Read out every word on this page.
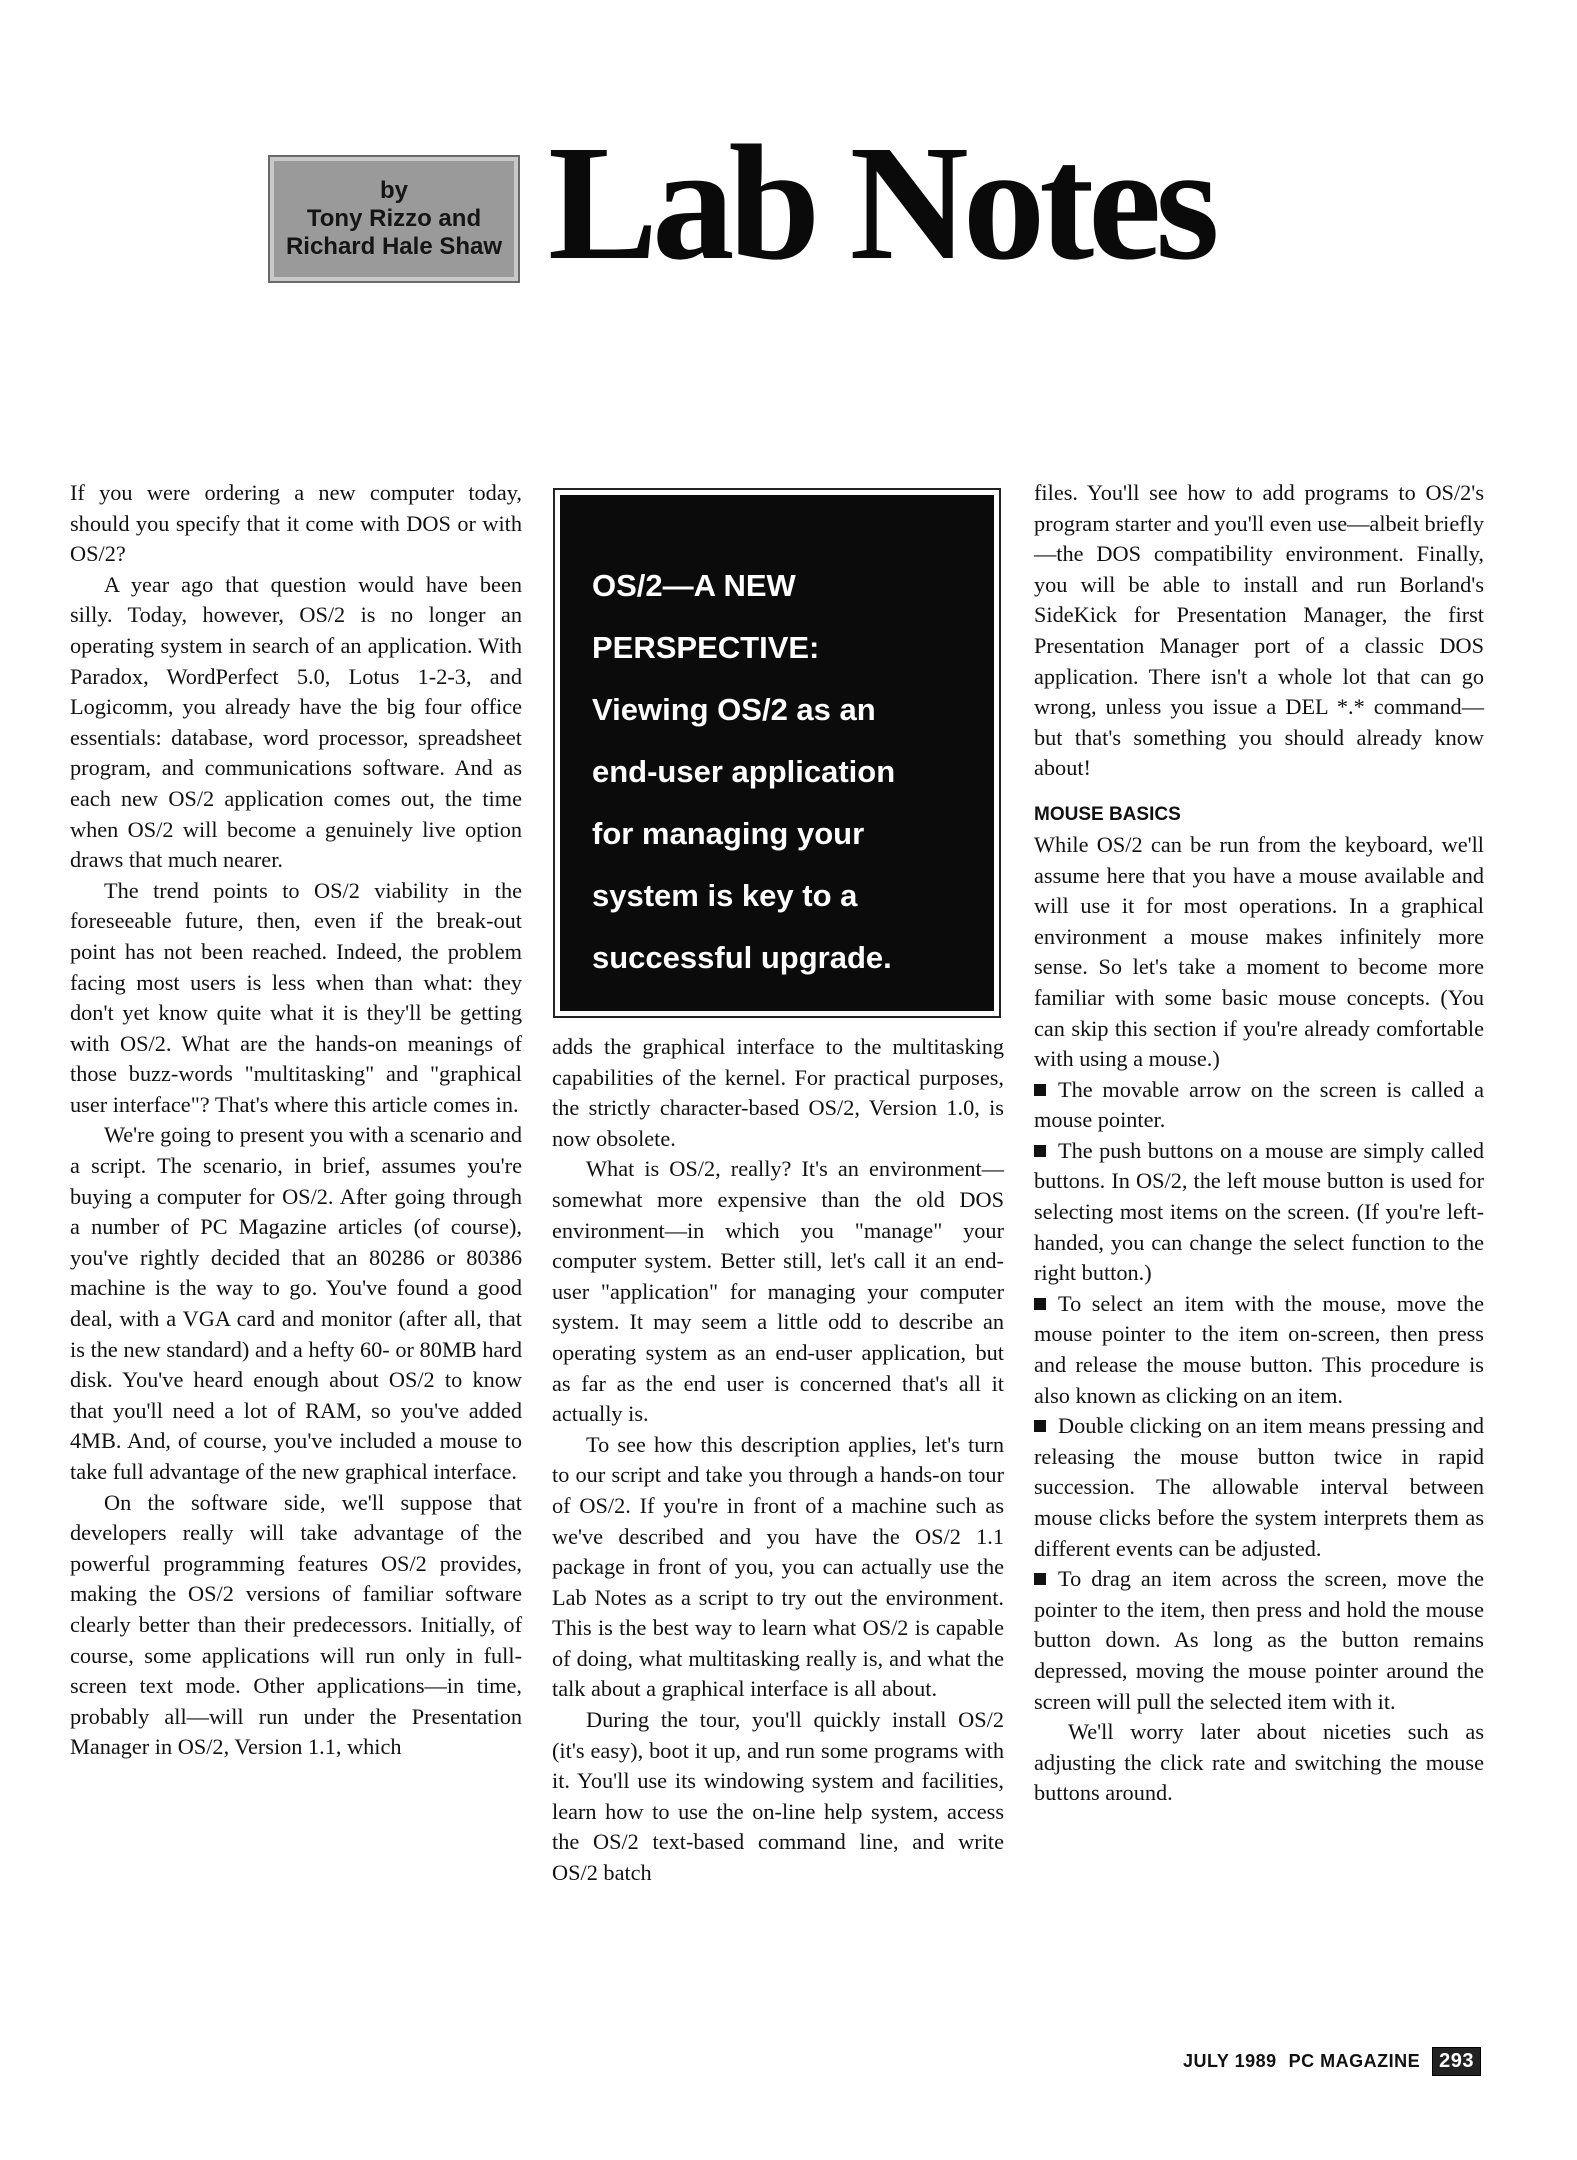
by
Tony Rizzo and
Richard Hale Shaw Lab Notes

If you were ordering a new computer today, should you specify that it come with DOS or with OS/2?

A year ago that question would have been silly. Today, however, OS/2 is no longer an operating system in search of an application. With Paradox, WordPerfect 5.0, Lotus 1-2-3, and Logicomm, you already have the big four office essentials: database, word processor, spreadsheet program, and communications software. And as each new OS/2 application comes out, the time when OS/2 will become a genuinely live option draws that much nearer.

The trend points to OS/2 viability in the foreseeable future, then, even if the break-out point has not been reached. Indeed, the problem facing most users is less when than what: they don't yet know quite what it is they'll be getting with OS/2. What are the hands-on meanings of those buzz-words "multitasking" and "graphical user interface"? That's where this article comes in.

We're going to present you with a scenario and a script. The scenario, in brief, assumes you're buying a computer for OS/2. After going through a number of PC Magazine articles (of course), you've rightly decided that an 80286 or 80386 machine is the way to go. You've found a good deal, with a VGA card and monitor (after all, that is the new standard) and a hefty 60- or 80MB hard disk. You've heard enough about OS/2 to know that you'll need a lot of RAM, so you've added 4MB. And, of course, you've included a mouse to take full advantage of the new graphical interface.

On the software side, we'll suppose that developers really will take advantage of the powerful programming features OS/2 provides, making the OS/2 versions of familiar software clearly better than their predecessors. Initially, of course, some applications will run only in full-screen text mode. Other applications—in time, probably all—will run under the Presentation Manager in OS/2, Version 1.1, which

OS/2—A NEW
PERSPECTIVE:
Viewing OS/2 as an
end-user application
for managing your
system is key to a
successful upgrade.

adds the graphical interface to the multitasking capabilities of the kernel. For practical purposes, the strictly character-based OS/2, Version 1.0, is now obsolete.

What is OS/2, really? It's an environment—somewhat more expensive than the old DOS environment—in which you "manage" your computer system. Better still, let's call it an end-user "application" for managing your computer system. It may seem a little odd to describe an operating system as an end-user application, but as far as the end user is concerned that's all it actually is.

To see how this description applies, let's turn to our script and take you through a hands-on tour of OS/2. If you're in front of a machine such as we've described and you have the OS/2 1.1 package in front of you, you can actually use the Lab Notes as a script to try out the environment. This is the best way to learn what OS/2 is capable of doing, what multitasking really is, and what the talk about a graphical interface is all about.

During the tour, you'll quickly install OS/2 (it's easy), boot it up, and run some programs with it. You'll use its windowing system and facilities, learn how to use the on-line help system, access the OS/2 text-based command line, and write OS/2 batch

files. You'll see how to add programs to OS/2's program starter and you'll even use—albeit briefly—the DOS compatibility environment. Finally, you will be able to install and run Borland's SideKick for Presentation Manager, the first Presentation Manager port of a classic DOS application. There isn't a whole lot that can go wrong, unless you issue a DEL *.* command—but that's something you should already know about!

MOUSE BASICS

While OS/2 can be run from the keyboard, we'll assume here that you have a mouse available and will use it for most operations. In a graphical environment a mouse makes infinitely more sense. So let's take a moment to become more familiar with some basic mouse concepts. (You can skip this section if you're already comfortable with using a mouse.)

The movable arrow on the screen is called a mouse pointer.

The push buttons on a mouse are simply called buttons. In OS/2, the left mouse button is used for selecting most items on the screen. (If you're left-handed, you can change the select function to the right button.)

To select an item with the mouse, move the mouse pointer to the item on-screen, then press and release the mouse button. This procedure is also known as clicking on an item.

Double clicking on an item means pressing and releasing the mouse button twice in rapid succession. The allowable interval between mouse clicks before the system interprets them as different events can be adjusted.

To drag an item across the screen, move the pointer to the item, then press and hold the mouse button down. As long as the button remains depressed, moving the mouse pointer around the screen will pull the selected item with it.

We'll worry later about niceties such as adjusting the click rate and switching the mouse buttons around.

JULY 1989 PC MAGAZINE 293
